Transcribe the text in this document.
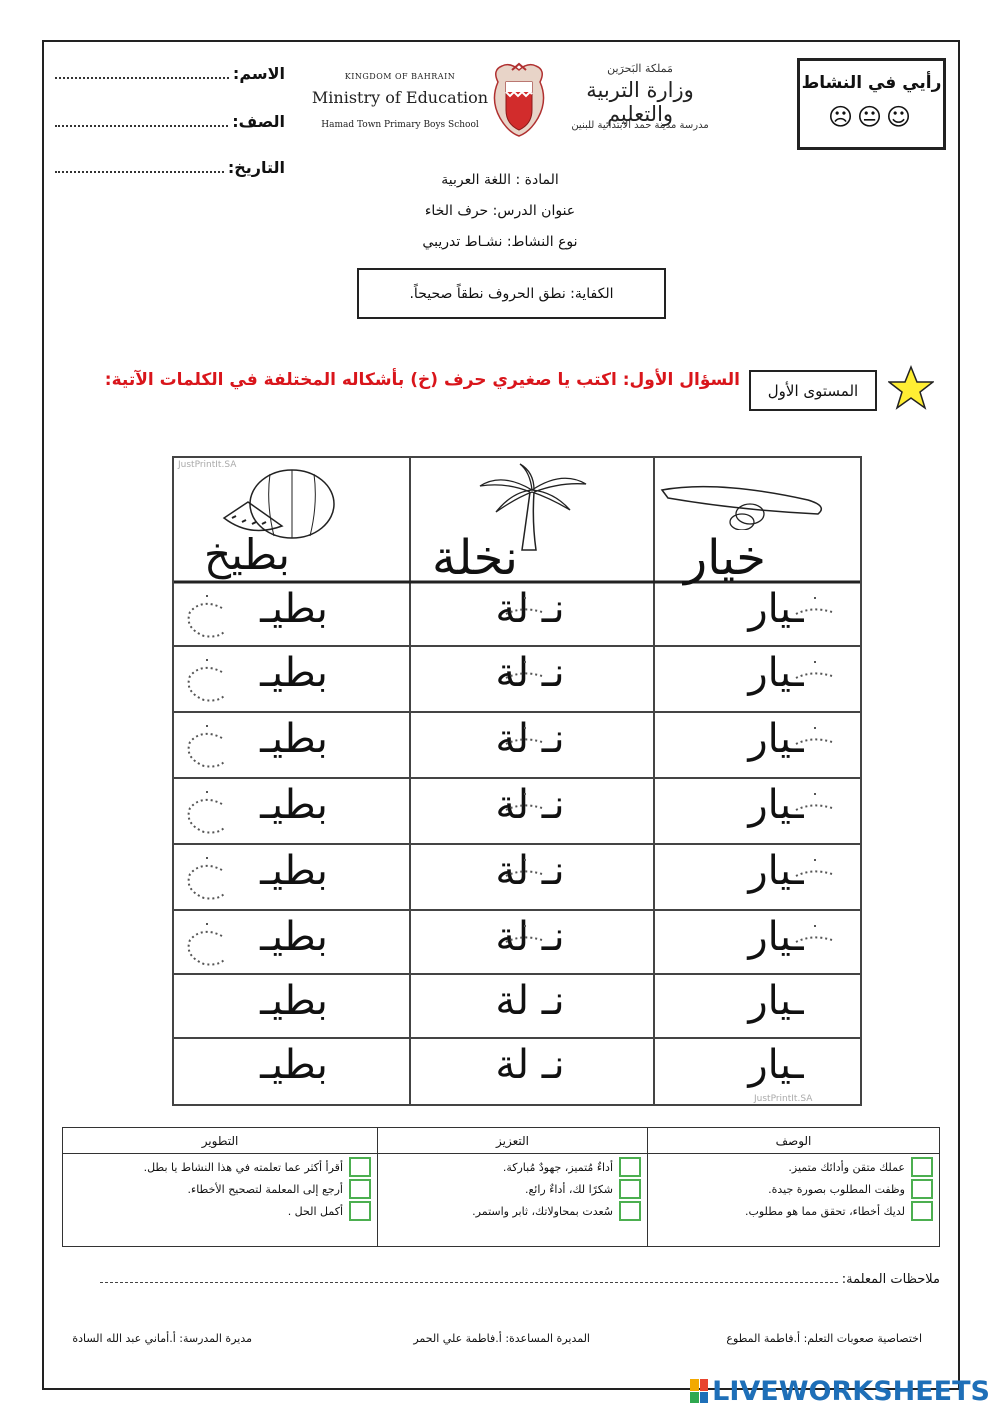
الاسم:
الصف:
التاريخ:
KINGDOM OF BAHRAIN
Ministry of Education
Hamad Town Primary Boys School
مَملكة البَحرَين
وزارة التربية والتعليم
مدرسة مدينة حمد الابتدائية للبنين
رأيي في النشاط
☹😐☺
المادة : اللغة العربية
عنوان الدرس: حرف الخاء
نوع النشاط: نشـاط تدريبي
الكفاية: نطق الحروف نطقاً صحيحاً.
المستوى الأول
السؤال الأول: اكتب يا صغيري حرف (خ) بأشكاله المختلفة في الكلمات الآتية:
JustPrintIt.SA
JustPrintIt.SA
بطيخ	نخلة	خيار
بطيـ	نـ لة	ـيار
بطيـ	نـ لة	ـيار
بطيـ	نـ لة	ـيار
بطيـ	نـ لة	ـيار
بطيـ	نـ لة	ـيار
بطيـ	نـ لة	ـيار
بطيـ	نـ لة	ـيار
بطيـ	نـ لة	ـيار
الوصف
عملك متقن وأدائك متميز.
وظفت المطلوب بصورة جيدة.
لديك أخطاء، تحقق مما هو مطلوب.
التعزيز
أداءٌ مُتميز، جهودٌ مُباركة.
شكرًا لك، أداءٌ رائع.
سُعدت بمحاولاتك، ثابر واستمر.
التطوير
أقرأ أكثر عما تعلمته في هذا النشاط يا بطل.
أرجع إلى المعلمة لتصحيح الأخطاء.
أكمل الحل .
ملاحظات المعلمة:
اختصاصية صعوبات التعلم: أ.فاطمة المطوع
المديرة المساعدة: أ.فاطمة علي الحمر
مديرة المدرسة: أ.أماني عبد الله السادة
LIVEWORKSHEETS
